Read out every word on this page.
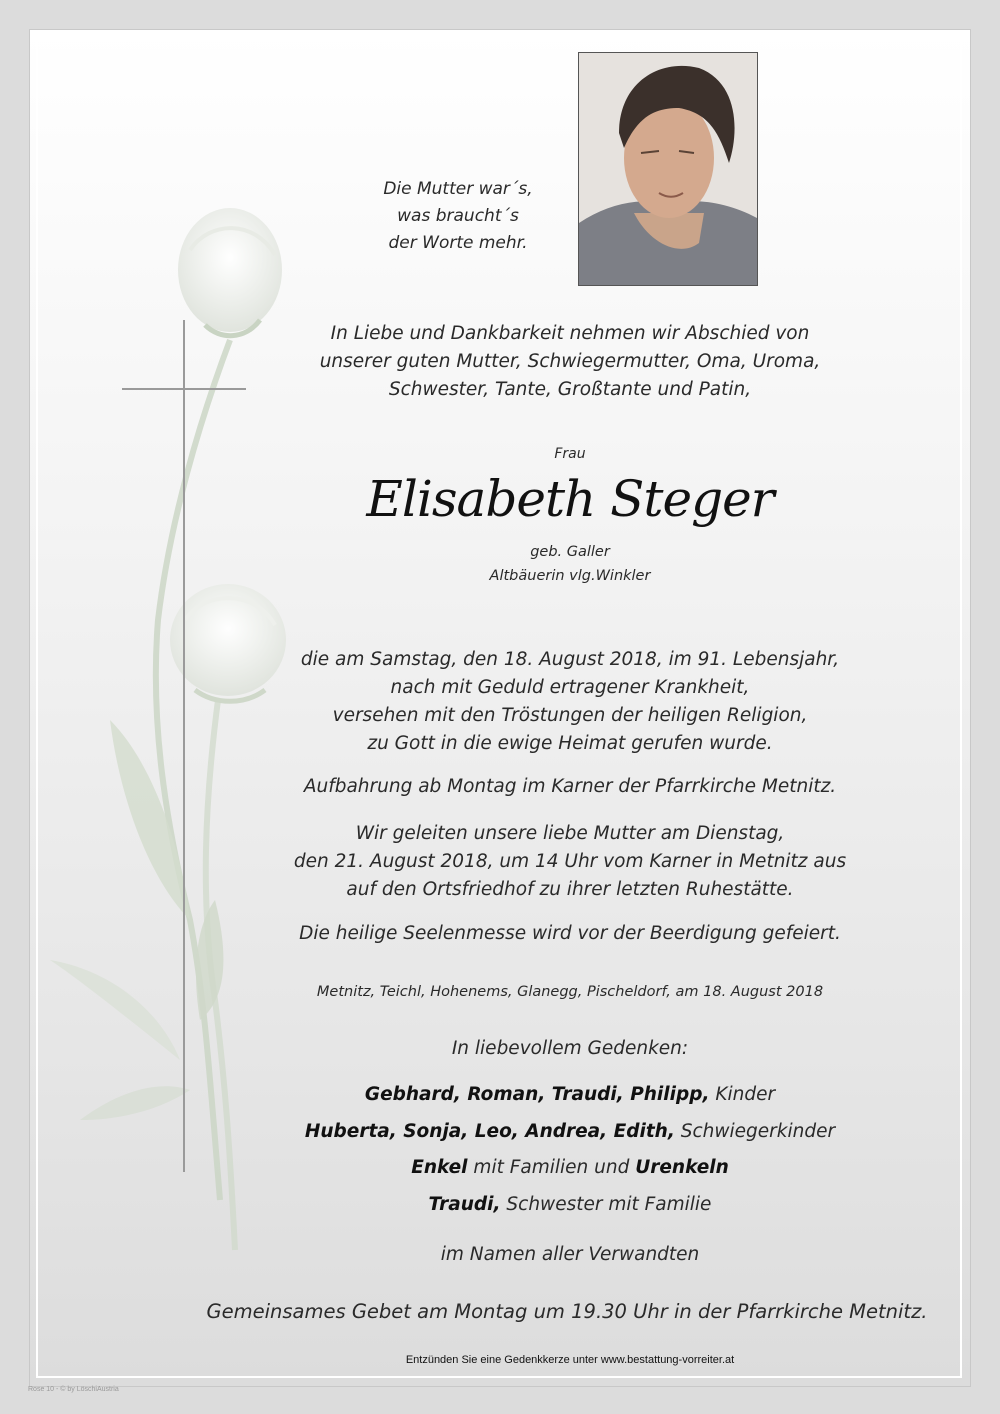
Die Mutter war´s,
was braucht´s
der Worte mehr.
In Liebe und Dankbarkeit nehmen wir Abschied von
unserer guten Mutter, Schwiegermutter, Oma, Uroma,
Schwester, Tante, Großtante und Patin,
Frau
Elisabeth Steger
geb. Galler
Altbäuerin vlg.Winkler
die am Samstag, den 18. August 2018, im 91. Lebensjahr,
nach mit Geduld ertragener Krankheit,
versehen mit den Tröstungen der heiligen Religion,
zu Gott in die ewige Heimat gerufen wurde.
Aufbahrung ab Montag im Karner der Pfarrkirche Metnitz.
Wir geleiten unsere liebe Mutter am Dienstag,
den 21. August 2018, um 14 Uhr vom Karner in Metnitz aus
auf den Ortsfriedhof zu ihrer letzten Ruhestätte.
Die heilige Seelenmesse wird vor der Beerdigung gefeiert.
Metnitz, Teichl, Hohenems, Glanegg, Pischeldorf, am 18. August 2018
In liebevollem Gedenken:
Gebhard, Roman, Traudi, Philipp, Kinder
Huberta, Sonja, Leo, Andrea, Edith, Schwiegerkinder
Enkel mit Familien und Urenkeln
Traudi, Schwester mit Familie
im Namen aller Verwandten
Gemeinsames Gebet am Montag um 19.30 Uhr in der Pfarrkirche Metnitz.
Entzünden Sie eine Gedenkkerze unter www.bestattung-vorreiter.at
Rose 10 - © by LöschiAustria
